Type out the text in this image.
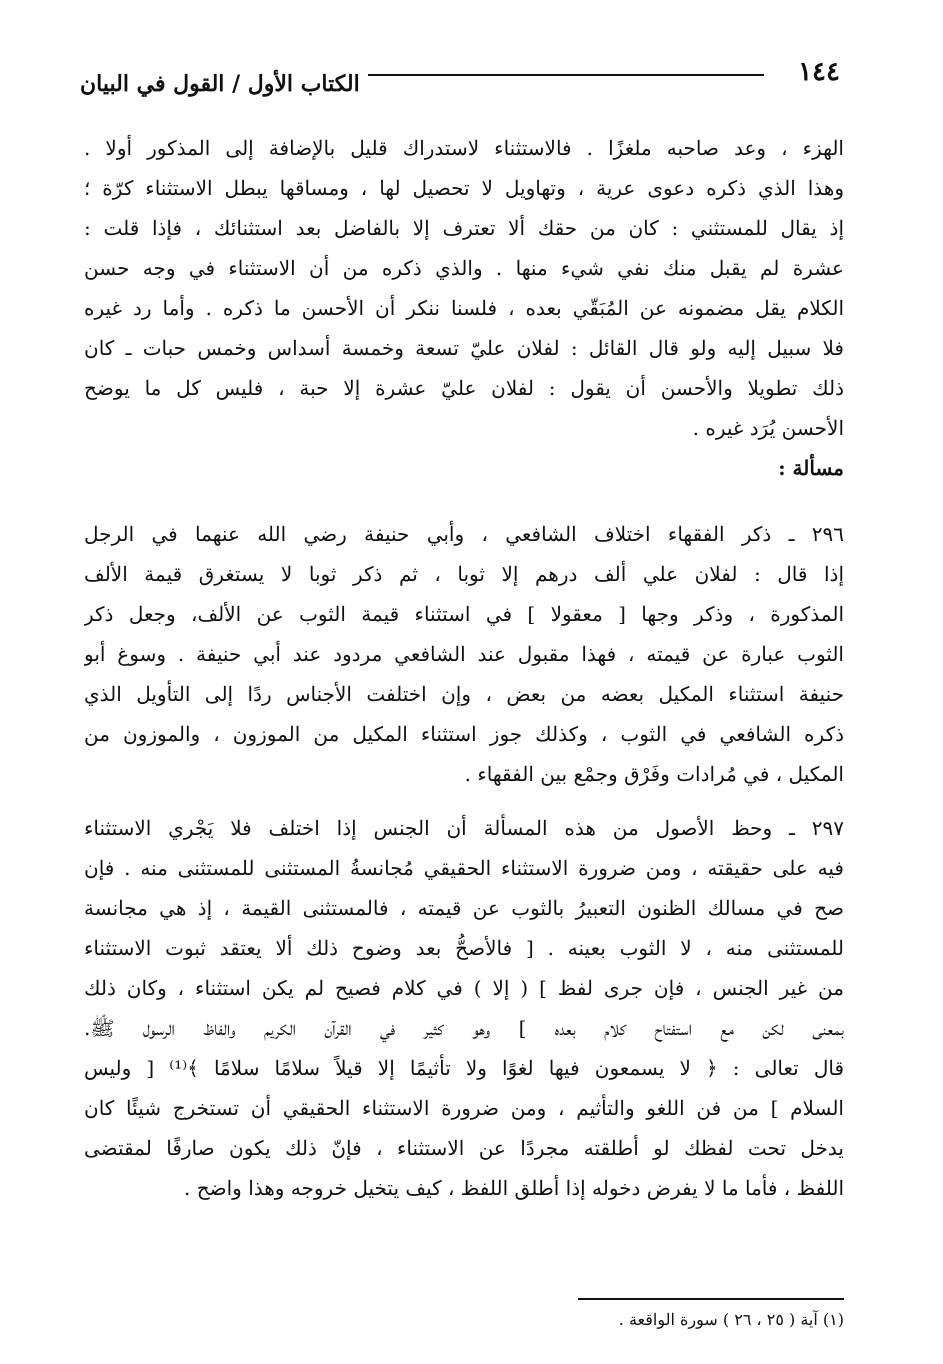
١٤٤
الكتاب الأول / القول في البيان
الهزء ، وعد صاحبه ملغزًا . فالاستثناء لاستدراك قليل بالإضافة إلى المذكور أولا .
وهذا الذي ذكره دعوى عرية ، وتهاويل لا تحصيل لها ، ومساقها يبطل الاستثناء كرّة ؛
إذ يقال للمستثني : كان من حقك ألا تعترف إلا بالفاضل بعد استثنائك ، فإذا قلت :
عشرة لم يقبل منك نفي شيء منها . والذي ذكره من أن الاستثناء في وجه حسن
الكلام يقل مضمونه عن المُبَقّي بعده ، فلسنا ننكر أن الأحسن ما ذكره . وأما رد غيره
فلا سبيل إليه ولو قال القائل : لفلان عليّ تسعة وخمسة أسداس وخمس حبات ـ كان
ذلك تطويلا والأحسن أن يقول : لفلان عليّ عشرة إلا حبة ، فليس كل ما يوضح
الأحسن يُرَد غيره .
مسألة :
٢٩٦ ـ ذكر الفقهاء اختلاف الشافعي ، وأبي حنيفة رضي الله عنهما في الرجل
إذا قال : لفلان علي ألف درهم إلا ثوبا ، ثم ذكر ثوبا لا يستغرق قيمة الألف
المذكورة ، وذكر وجها [ معقولا ] في استثناء قيمة الثوب عن الألف، وجعل ذكر
الثوب عبارة عن قيمته ، فهذا مقبول عند الشافعي مردود عند أبي حنيفة . وسوغ أبو
حنيفة استثناء المكيل بعضه من بعض ، وإن اختلفت الأجناس ردًا إلى التأويل الذي
ذكره الشافعي في الثوب ، وكذلك جوز استثناء المكيل من الموزون ، والموزون من
المكيل ، في مُرادات وفَرْق وجمْع بين الفقهاء .
٢٩٧ ـ وحظ الأصول من هذه المسألة أن الجنس إذا اختلف فلا يَجْري الاستثناء
فيه على حقيقته ، ومن ضرورة الاستثناء الحقيقي مُجانسةُ المستثنى للمستثنى منه . فإن
صح في مسالك الظنون التعبيرُ بالثوب عن قيمته ، فالمستثنى القيمة ، إذ هي مجانسة
للمستثنى منه ، لا الثوب بعينه . [ فالأصحُّ بعد وضوح ذلك ألا يعتقد ثبوت الاستثناء
من غير الجنس ، فإن جرى لفظ ] ( إلا ) في كلام فصيح لم يكن استثناء ، وكان ذلك
بمعنى لكن مع استفتاح كلام بعده ] وهو كثير في القرآن الكريم والفاظ الرسول ﷺ.
قال تعالى : ﴿ لا يسمعون فيها لغوًا ولا تأثيمًا إلا قيلاً سلامًا سلامًا ﴾⁽¹⁾ [ وليس
السلام ] من فن اللغو والتأثيم ، ومن ضرورة الاستثناء الحقيقي أن تستخرج شيئًا كان
يدخل تحت لفظك لو أطلقته مجردًا عن الاستثناء ، فإنّ ذلك يكون صارفًا لمقتضى
اللفظ ، فأما ما لا يفرض دخوله إذا أطلق اللفظ ، كيف يتخيل خروجه وهذا واضح .
(١) آية ( ٢٥ ، ٢٦ ) سورة الواقعة .
